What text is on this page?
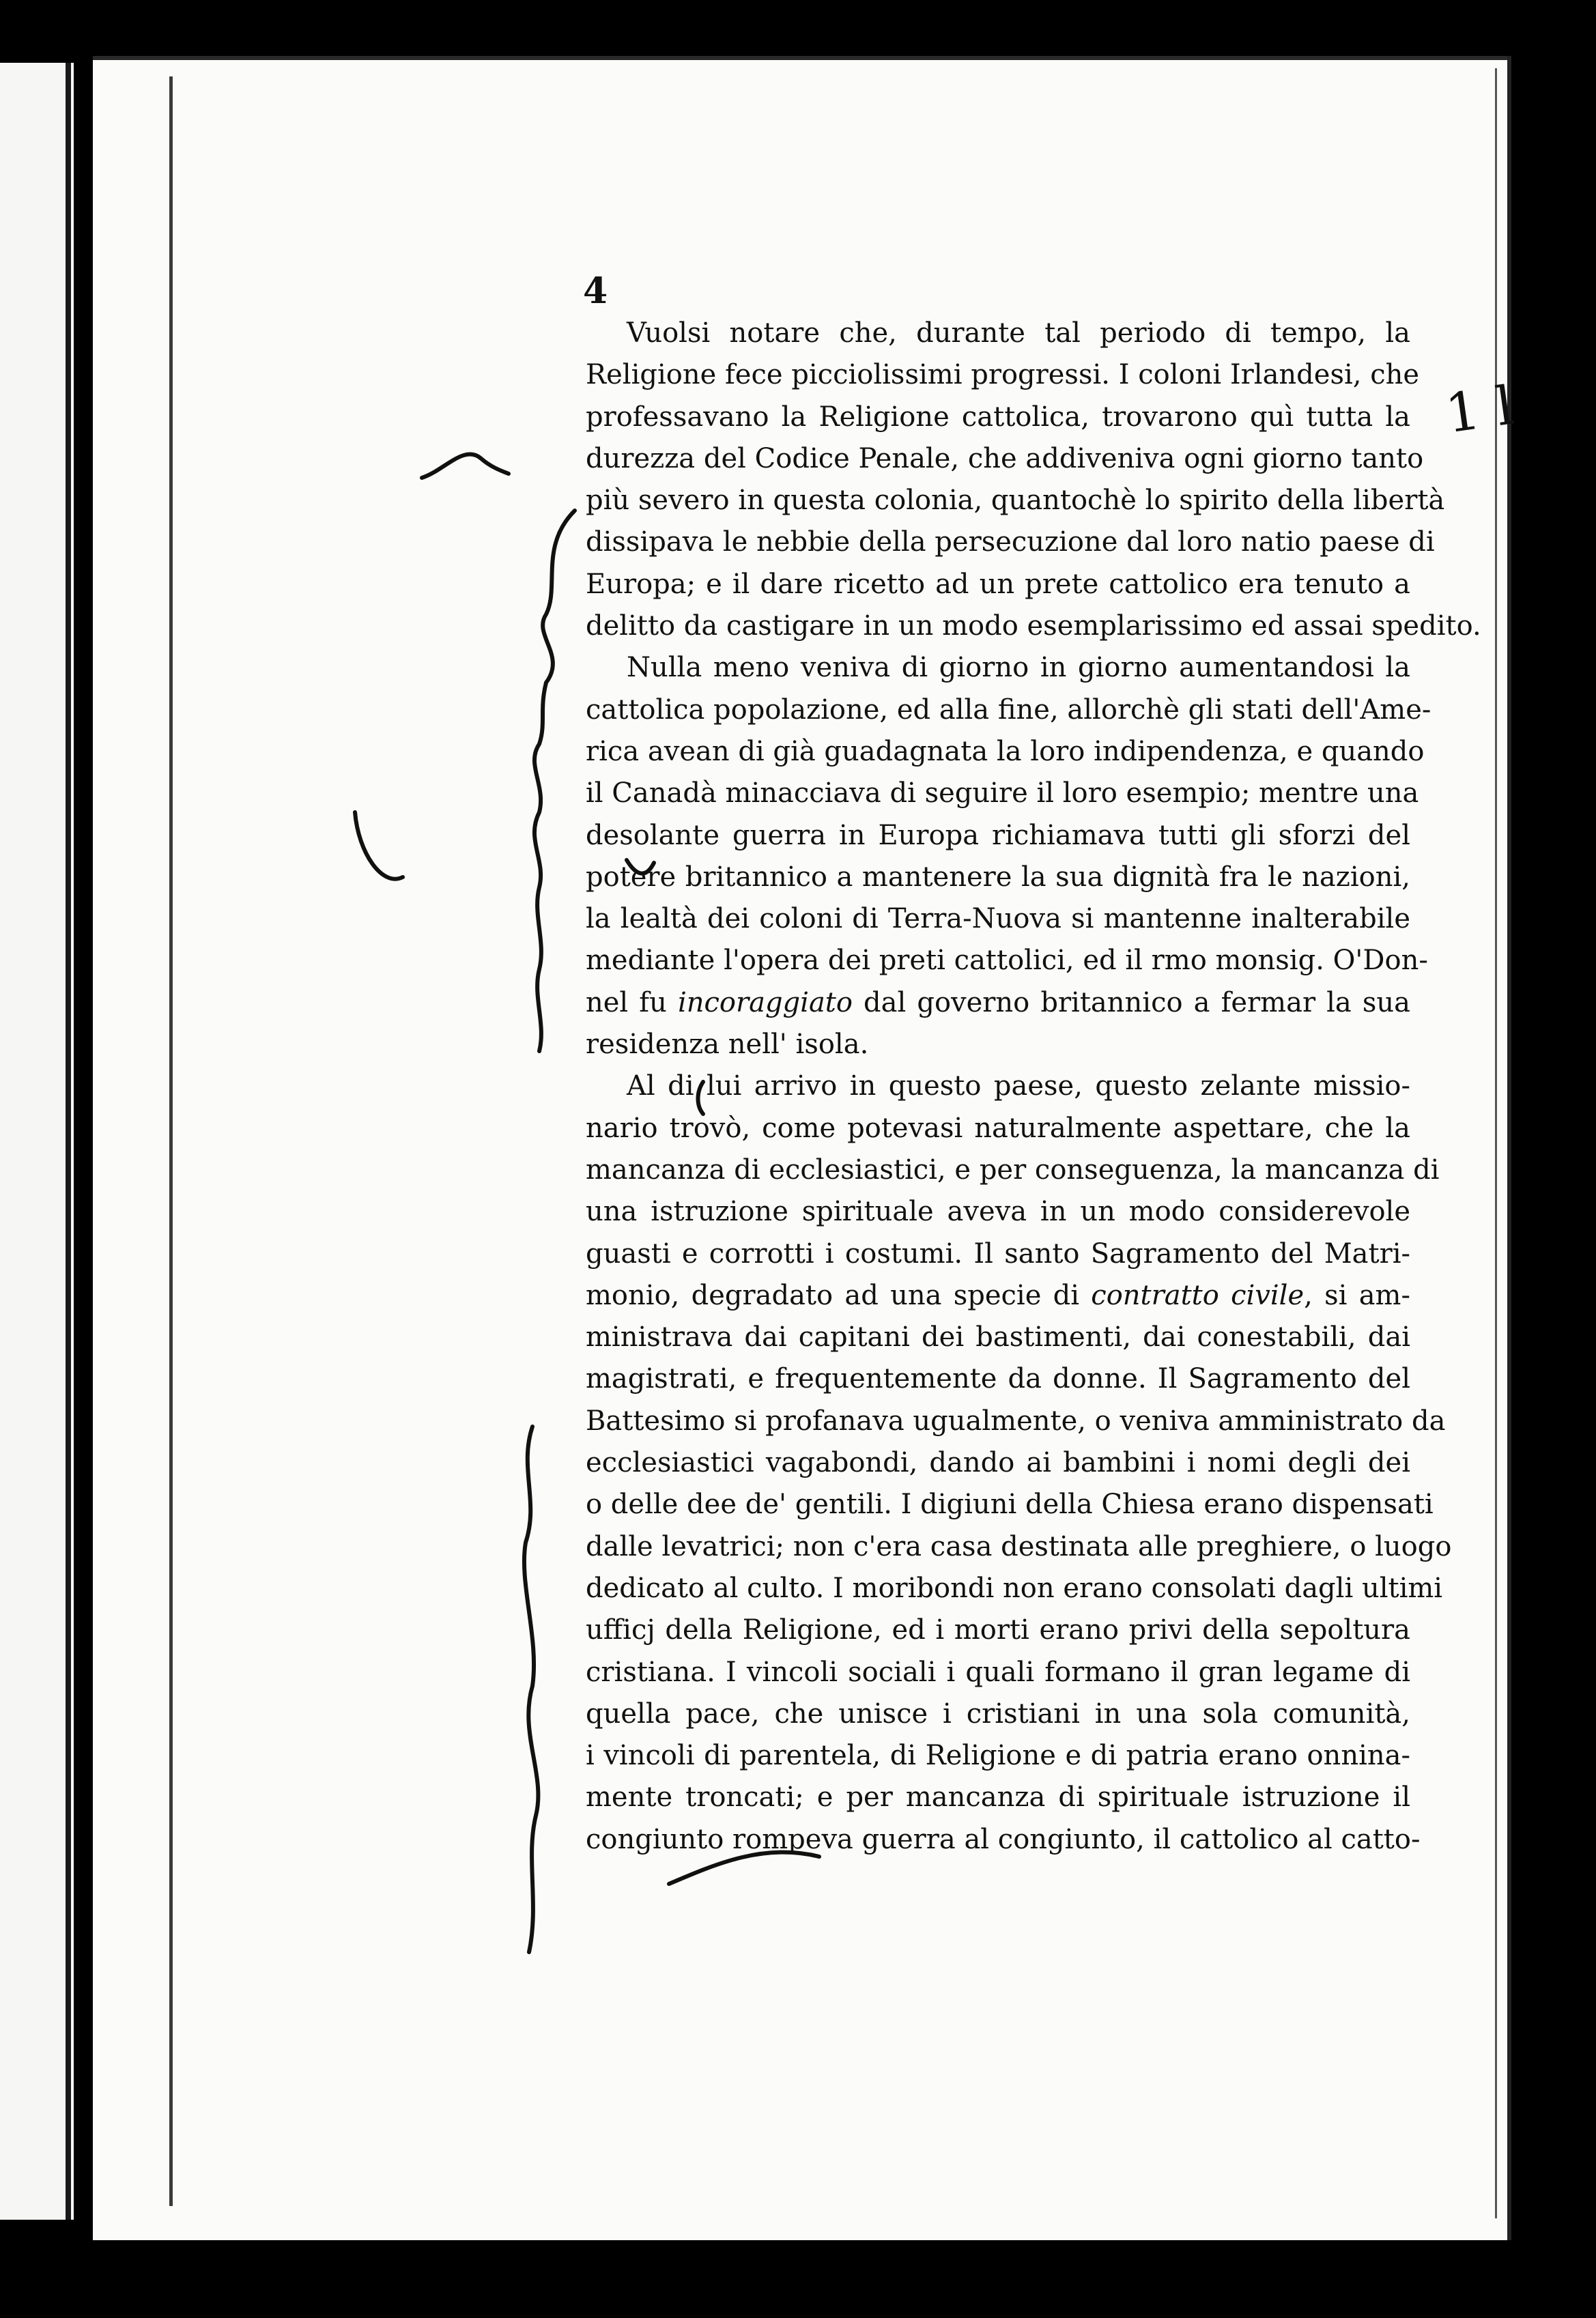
4
Vuolsi notare che, durante tal periodo di tempo, la
Religione fece picciolissimi progressi. I coloni Irlandesi, che
professavano la Religione cattolica, trovarono quì tutta la
durezza del Codice Penale, che addiveniva ogni giorno tanto
più severo in questa colonia, quantochè lo spirito della libertà
dissipava le nebbie della persecuzione dal loro natio paese di
Europa; e il dare ricetto ad un prete cattolico era tenuto a
delitto da castigare in un modo esemplarissimo ed assai spedito.
Nulla meno veniva di giorno in giorno aumentandosi la
cattolica popolazione, ed alla fine, allorchè gli stati dell'Ame-
rica avean di già guadagnata la loro indipendenza, e quando
il Canadà minacciava di seguire il loro esempio; mentre una
desolante guerra in Europa richiamava tutti gli sforzi del
potere britannico a mantenere la sua dignità fra le nazioni,
la lealtà dei coloni di Terra-Nuova si mantenne inalterabile
mediante l'opera dei preti cattolici, ed il rmo monsig. O'Don-
nel fu incoraggiato dal governo britannico a fermar la sua
residenza nell' isola.
Al di lui arrivo in questo paese, questo zelante missio-
nario trovò, come potevasi naturalmente aspettare, che la
mancanza di ecclesiastici, e per conseguenza, la mancanza di
una istruzione spirituale aveva in un modo considerevole
guasti e corrotti i costumi. Il santo Sagramento del Matri-
monio, degradato ad una specie di contratto civile, si am-
ministrava dai capitani dei bastimenti, dai conestabili, dai
magistrati, e frequentemente da donne. Il Sagramento del
Battesimo si profanava ugualmente, o veniva amministrato da
ecclesiastici vagabondi, dando ai bambini i nomi degli dei
o delle dee de' gentili. I digiuni della Chiesa erano dispensati
dalle levatrici; non c'era casa destinata alle preghiere, o luogo
dedicato al culto. I moribondi non erano consolati dagli ultimi
ufficj della Religione, ed i morti erano privi della sepoltura
cristiana. I vincoli sociali i quali formano il gran legame di
quella pace, che unisce i cristiani in una sola comunità,
i vincoli di parentela, di Religione e di patria erano onnina-
mente troncati; e per mancanza di spirituale istruzione il
congiunto rompeva guerra al congiunto, il cattolico al catto-
1 l
